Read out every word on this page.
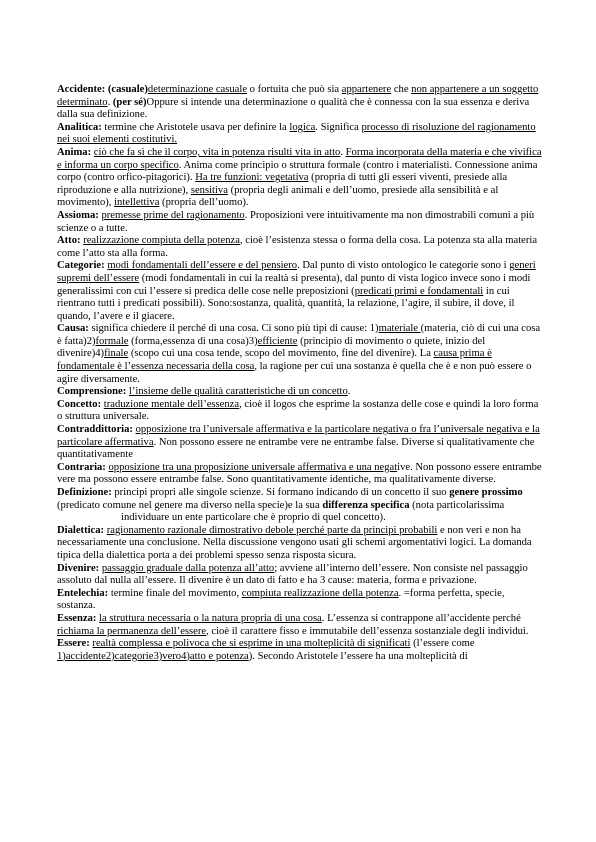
Accidente: (casuale)determinazione casuale o fortuita che può sia appartenere che non appartenere a un soggetto determinato. (per sé)Oppure si intende una determinazione o qualità che è connessa con la sua essenza e deriva dalla sua definizione.

Analitica: termine che Aristotele usava per definire la logica. Significa processo di risoluzione del ragionamento nei suoi elementi costitutivi.

Anima: ciò che fa sì che il corpo, vita in potenza risulti vita in atto. Forma incorporata della materia e che vivifica e informa un corpo specifico. Anima come principio o struttura formale (contro i materialisti. Connessione anima corpo (contro orfico-pitagorici). Ha tre funzioni: vegetativa (propria di tutti gli esseri viventi, presiede alla riproduzione e alla nutrizione), sensitiva (propria degli animali e dell’uomo, presiede alla sensibilità e al movimento), intellettiva (propria dell’uomo).

Assioma: premesse prime del ragionamento. Proposizioni vere intuitivamente ma non dimostrabili comuni a più scienze o a tutte.

Atto: realizzazione compiuta della potenza, cioè l’esistenza stessa o forma della cosa. La potenza sta alla materia come l’atto sta alla forma.

Categorie: modi fondamentali dell’essere e del pensiero. Dal punto di visto ontologico le categorie sono i generi supremi dell’essere (modi fondamentali in cui la realtà si presenta), dal punto di vista logico invece sono i modi generalissimi con cui l’essere si predica delle cose nelle preposizioni (predicati primi e fondamentali in cui rientrano tutti i predicati possibili). Sono:sostanza, qualità, quantità, la relazione, l’agire, il subire, il dove, il quando, l’avere e il giacere.

Causa: significa chiedere il perché di una cosa. Ci sono più tipi di cause: 1)materiale (materia, ciò di cui una cosa è fatta)2)formale (forma,essenza di una cosa)3)efficiente (principio di movimento o quiete, inizio del divenire)4)finale (scopo cui una cosa tende, scopo del movimento, fine del divenire). La causa prima è fondamentale è l’essenza necessaria della cosa, la ragione per cui una sostanza è quella che è e non può essere o agire diversamente.

Comprensione: l’insieme delle qualità caratteristiche di un concetto.

Concetto: traduzione mentale dell’essenza, cioè il logos che esprime la sostanza delle cose e quindi la loro forma o struttura universale.

Contraddittoria: opposizione tra l’universale affermativa e la particolare negativa o fra l’universale negativa e la particolare affermativa. Non possono essere ne entrambe vere ne entrambe false. Diverse si qualitativamente che quantitativamente

Contraria: opposizione tra una proposizione universale affermativa e una negative. Non possono essere entrambe vere ma possono essere entrambe false. Sono quantitativamente identiche, ma qualitativamente diverse.

Definizione: principi propri alle singole scienze. Si formano indicando di un concetto il suo genere prossimo (predicato comune nel genere ma diverso nella specie)e la sua differenza specifica (nota particolarissimaindividuare un ente particolare che è proprio di quel concetto).

Dialettica: ragionamento razionale dimostrativo debole perché parte da principi probabili e non veri e non ha necessariamente una conclusione. Nella discussione vengono usati gli schemi argomentativi logici. La domanda tipica della dialettica porta a dei problemi spesso senza risposta sicura.

Divenire: passaggio graduale dalla potenza all’atto; avviene all’interno dell’essere. Non consiste nel passaggio assoluto dal nulla all’essere. Il divenire è un dato di fatto e ha 3 cause: materia, forma e privazione.

Entelechia: termine finale del movimento, compiuta realizzazione della potenza. =forma perfetta, specie, sostanza.

Essenza: la struttura necessaria o la natura propria di una cosa. L’essenza si contrappone all’accidente perché richiama la permanenza dell’essere, cioè il carattere fisso e immutabile dell’essenza sostanziale degli individui.

Essere: realtà complessa e polivoca che si esprime in una molteplicità di significati (l’essere come 1)accidente2)categorie3)vero4)atto e potenza). Secondo Aristotele l’essere ha una molteplicità di
